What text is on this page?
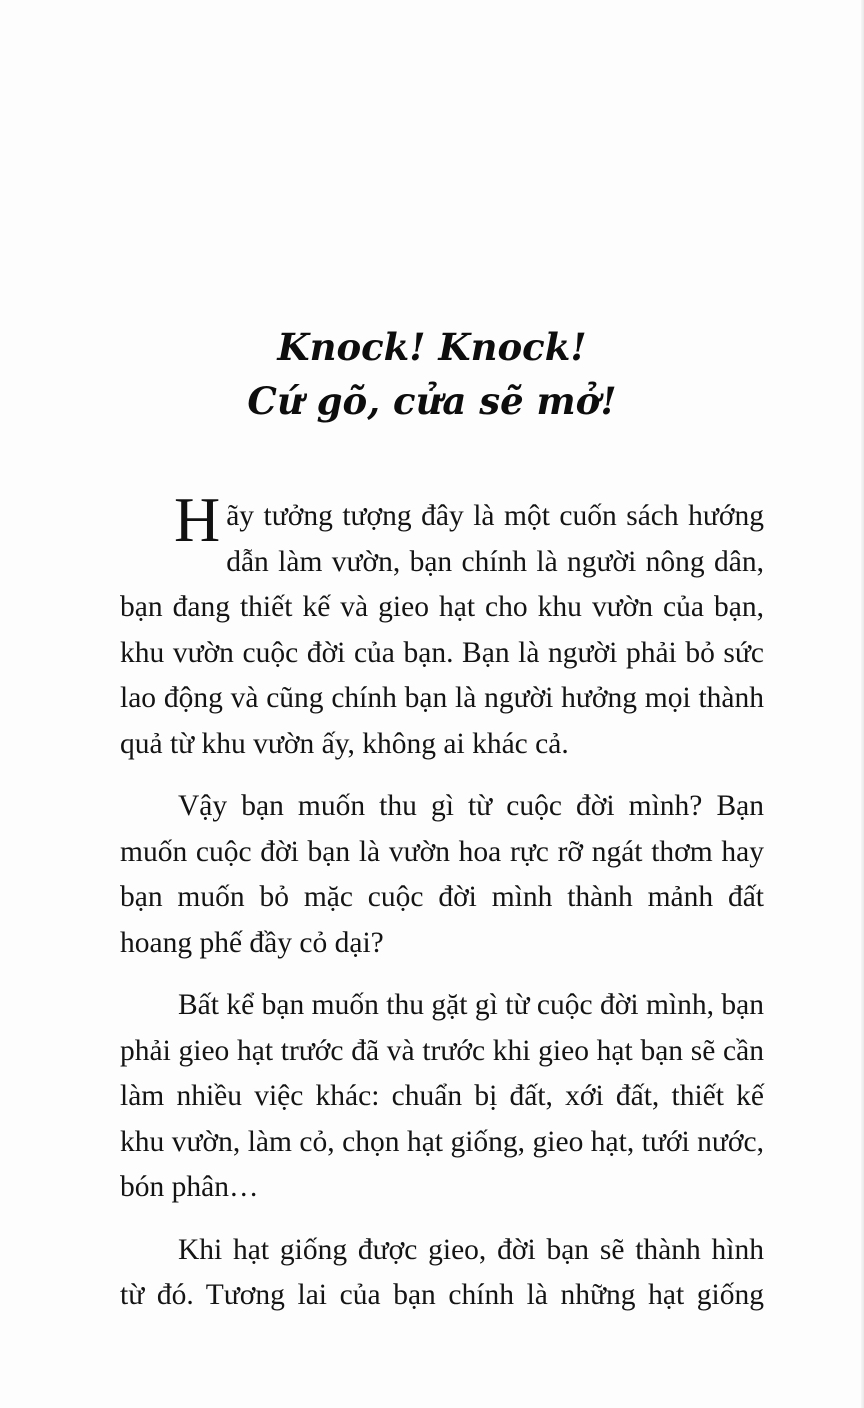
Knock! Knock!
Cứ gõ, cửa sẽ mở!

Hãy tưởng tượng đây là một cuốn sách hướng dẫn làm vườn, bạn chính là người nông dân, bạn đang thiết kế và gieo hạt cho khu vườn của bạn, khu vườn cuộc đời của bạn. Bạn là người phải bỏ sức lao động và cũng chính bạn là người hưởng mọi thành quả từ khu vườn ấy, không ai khác cả.

Vậy bạn muốn thu gì từ cuộc đời mình? Bạn muốn cuộc đời bạn là vườn hoa rực rỡ ngát thơm hay bạn muốn bỏ mặc cuộc đời mình thành mảnh đất hoang phế đầy cỏ dại?

Bất kể bạn muốn thu gặt gì từ cuộc đời mình, bạn phải gieo hạt trước đã và trước khi gieo hạt bạn sẽ cần làm nhiều việc khác: chuẩn bị đất, xới đất, thiết kế khu vườn, làm cỏ, chọn hạt giống, gieo hạt, tưới nước, bón phân…

Khi hạt giống được gieo, đời bạn sẽ thành hình từ đó. Tương lai của bạn chính là những hạt giống
